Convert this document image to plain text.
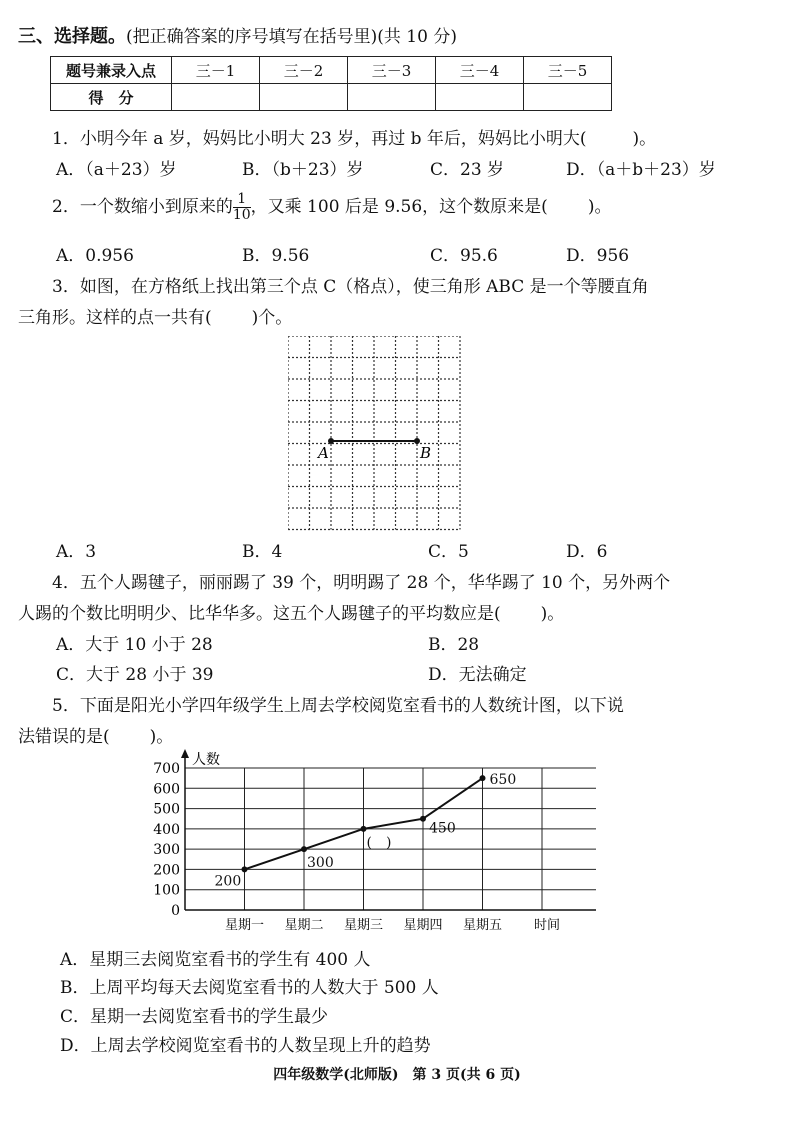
三、选择题。(把正确答案的序号填写在括号里)(共 10 分)
题号兼录入点	三－1	三－2	三－3	三－4	三－5
得　分					
1．小明今年 a 岁，妈妈比小明大 23 岁，再过 b 年后，妈妈比小明大(	)。
A．（a＋23）岁	B．（b＋23）岁	C．23 岁	D．（a＋b＋23）岁
2．一个数缩小到原来的 $\frac{1}{10}$ ，又乘 100 后是 9.56，这个数原来是( )。
A．0.956	B．9.56	C．95.6	D．956
3．如图，在方格纸上找出第三个点 C（格点），使三角形 ABC 是一个等腰直角
三角形。这样的点一共有( )个。
A	B
A．3	B．4	C．5	D．6
4．五个人踢毽子，丽丽踢了 39 个，明明踢了 28 个，华华踢了 10 个，另外两个
人踢的个数比明明少、比华华多。这五个人踢毽子的平均数应是( )。
A．大于 10 小于 28	B．28
C．大于 28 小于 39	D．无法确定
5．下面是阳光小学四年级学生上周去学校阅览室看书的人数统计图，以下说
法错误的是( )。
人数
时间
0
100
200
300
400
500
600
700
星期一 星期二 星期三 星期四 星期五
200
300
(　)
450
650
A．星期三去阅览室看书的学生有 400 人
B．上周平均每天去阅览室看书的人数大于 500 人
C．星期一去阅览室看书的学生最少
D．上周去学校阅览室看书的人数呈现上升的趋势
四年级数学(北师版)　第 3 页(共 6 页)
